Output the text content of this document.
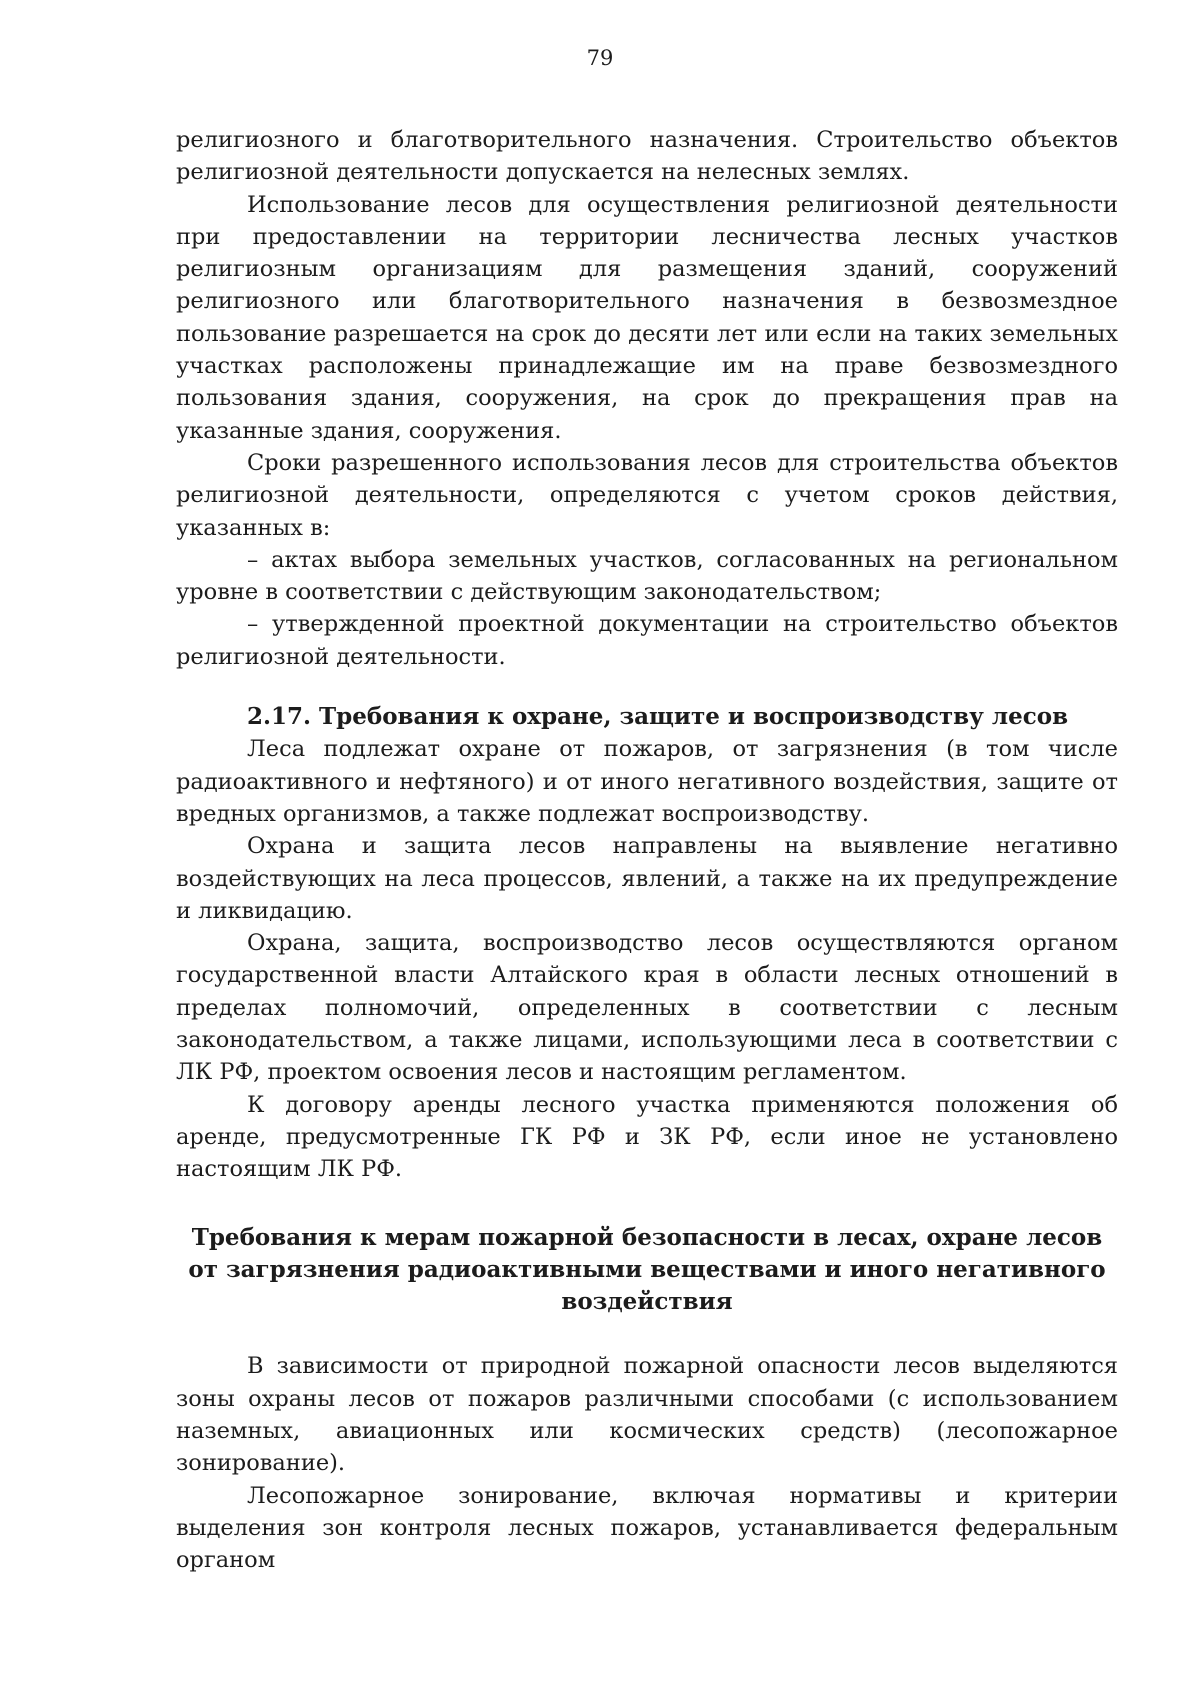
79

религиозного и благотворительного назначения. Строительство объектов религиозной деятельности допускается на нелесных землях.

Использование лесов для осуществления религиозной деятельности при предоставлении на территории лесничества лесных участков религиозным организациям для размещения зданий, сооружений религиозного или благотворительного назначения в безвозмездное пользование разрешается на срок до десяти лет или если на таких земельных участках расположены принадлежащие им на праве безвозмездного пользования здания, сооружения, на срок до прекращения прав на указанные здания, сооружения.

Сроки разрешенного использования лесов для строительства объектов религиозной деятельности, определяются с учетом сроков действия, указанных в:

– актах выбора земельных участков, согласованных на региональном уровне в соответствии с действующим законодательством;

– утвержденной проектной документации на строительство объектов религиозной деятельности.

2.17. Требования к охране, защите и воспроизводству лесов

Леса подлежат охране от пожаров, от загрязнения (в том числе радиоактивного и нефтяного) и от иного негативного воздействия, защите от вредных организмов, а также подлежат воспроизводству.

Охрана и защита лесов направлены на выявление негативно воздействующих на леса процессов, явлений, а также на их предупреждение и ликвидацию.

Охрана, защита, воспроизводство лесов осуществляются органом государственной власти Алтайского края в области лесных отношений в пределах полномочий, определенных в соответствии с лесным законодательством, а также лицами, использующими леса в соответствии с ЛК РФ, проектом освоения лесов и настоящим регламентом.

К договору аренды лесного участка применяются положения об аренде, предусмотренные ГК РФ и ЗК РФ, если иное не установлено настоящим ЛК РФ.

Требования к мерам пожарной безопасности в лесах, охране лесов
от загрязнения радиоактивными веществами и иного негативного
воздействия

В зависимости от природной пожарной опасности лесов выделяются зоны охраны лесов от пожаров различными способами (с использованием наземных, авиационных или космических средств) (лесопожарное зонирование).

Лесопожарное зонирование, включая нормативы и критерии выделения зон контроля лесных пожаров, устанавливается федеральным органом
